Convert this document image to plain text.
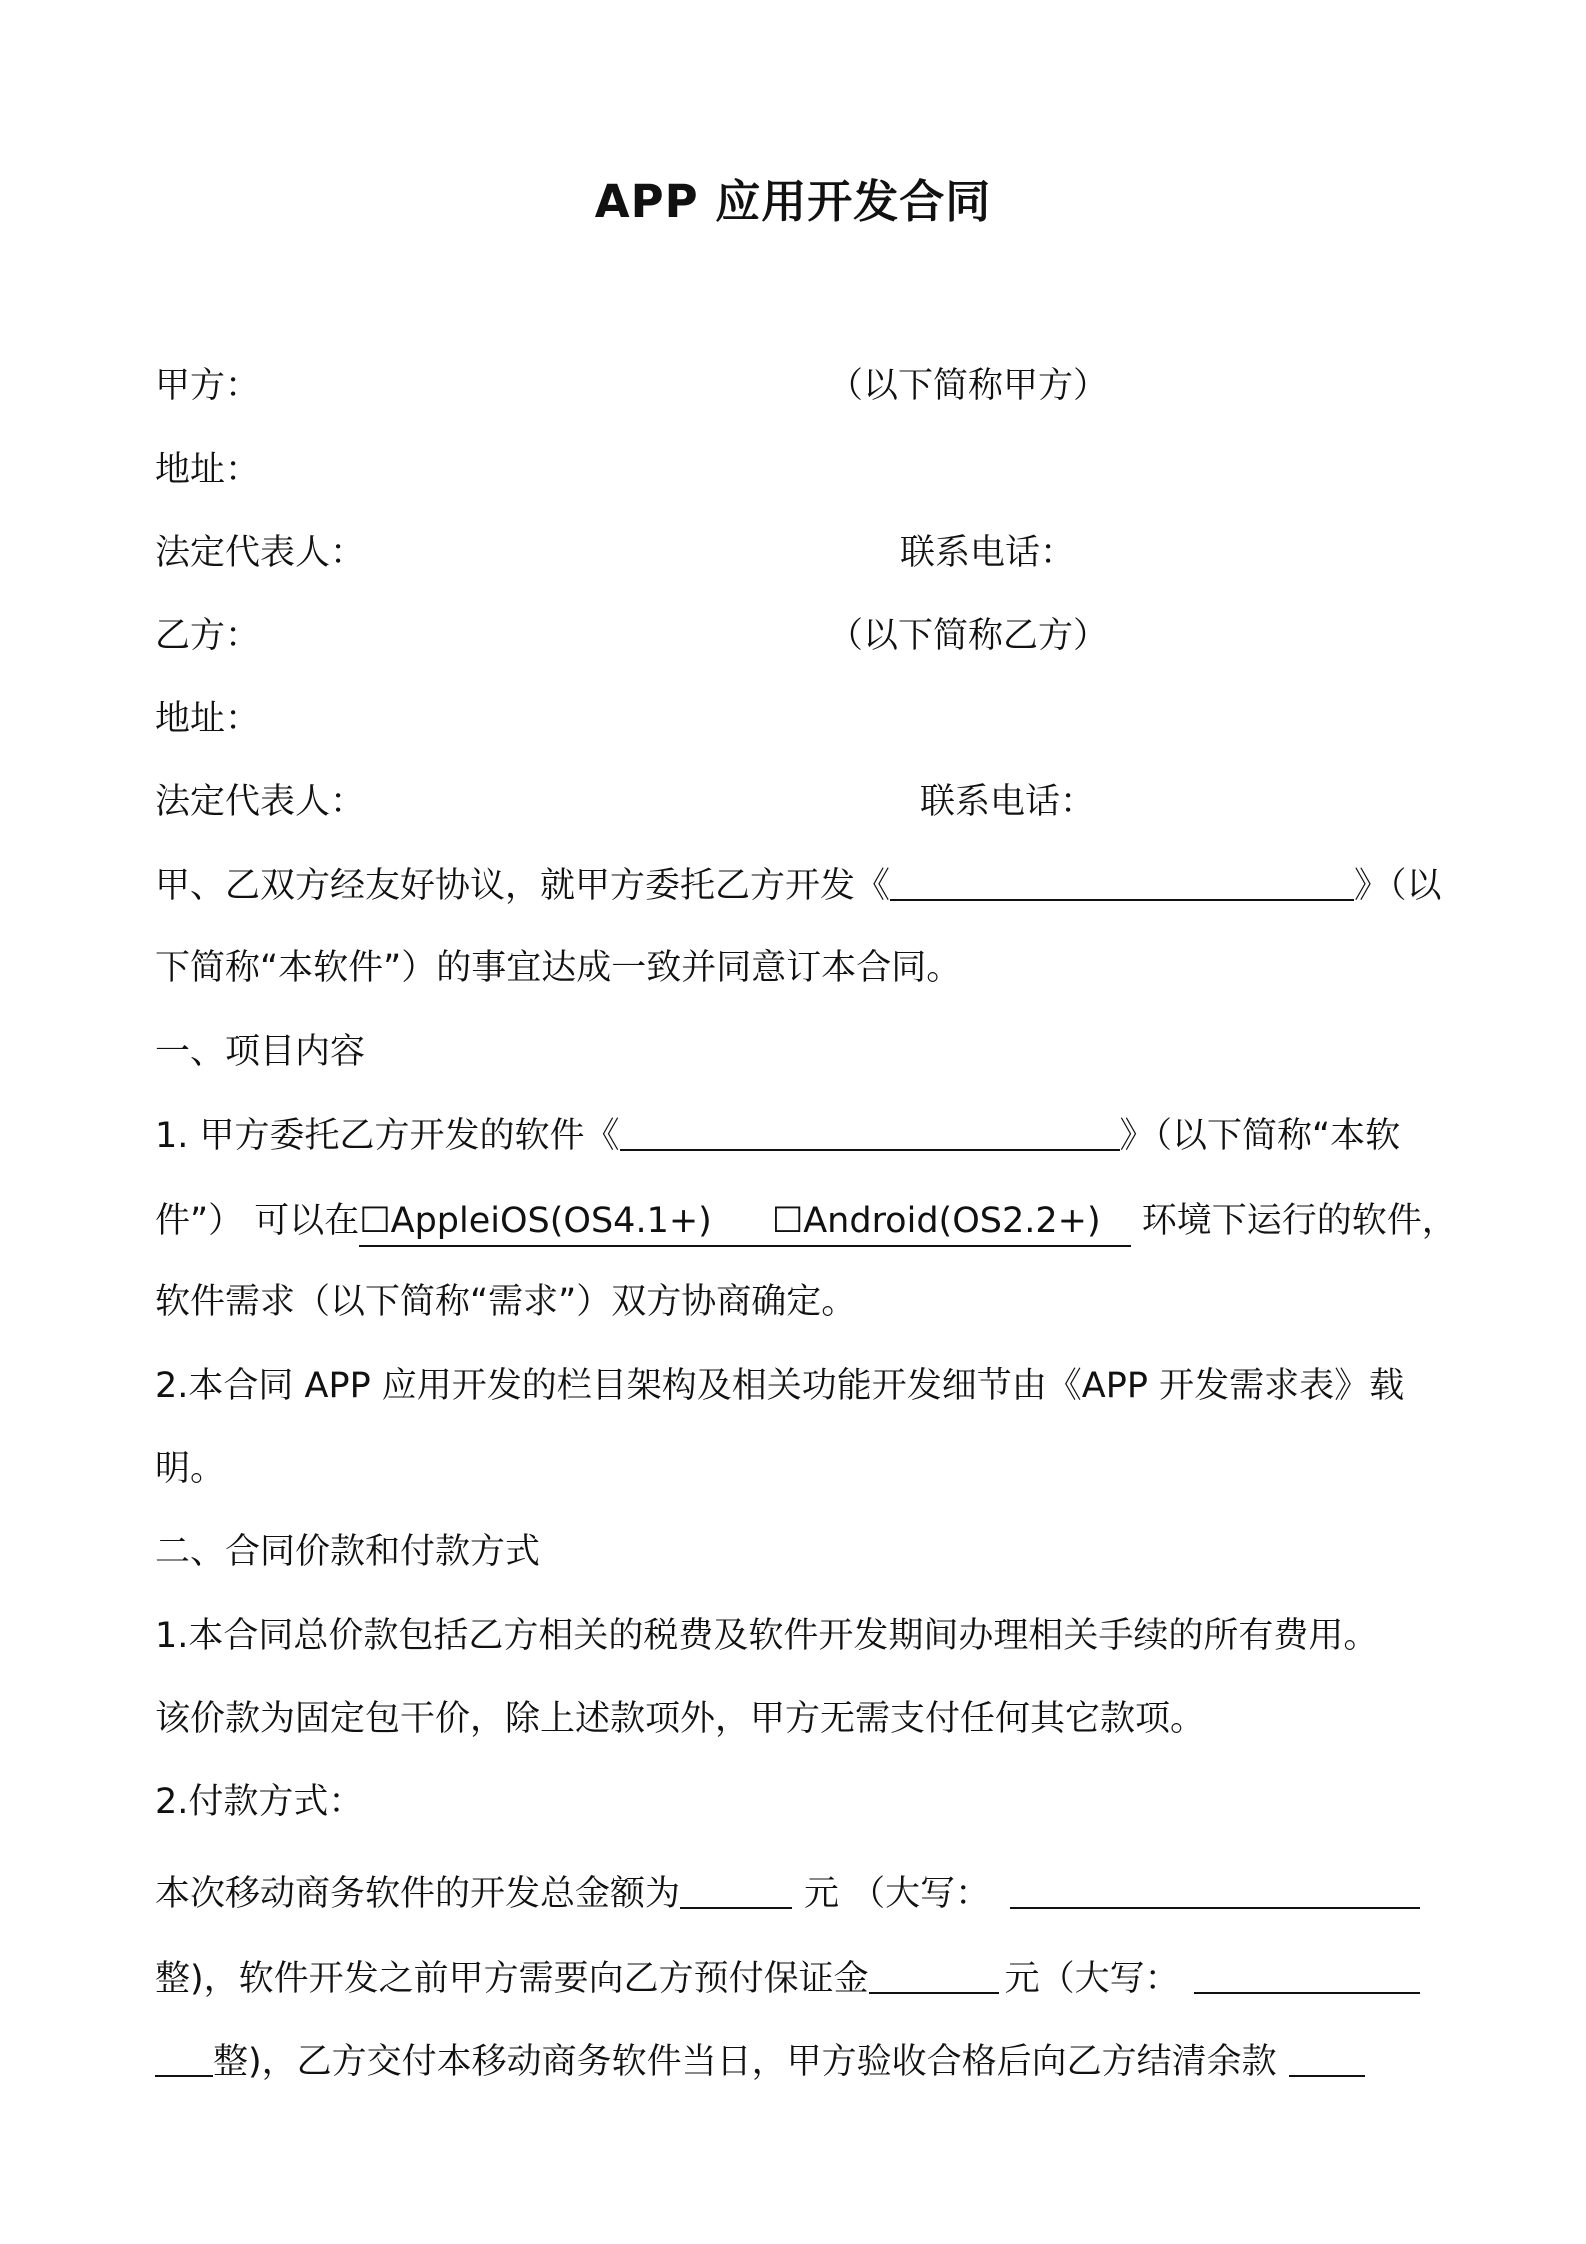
APP 应用开发合同
甲方：	（以下简称甲方）
地址：
法定代表人：	联系电话：
乙方：	（以下简称乙方）
地址：
法定代表人：	联系电话：
甲、乙双方经友好协议，就甲方委托乙方开发《	》（以
下简称“本软件”）的事宜达成一致并同意订本合同。
一、项目内容
1. 甲方委托乙方开发的软件《	》（以下简称“本软
件”） 可以在☐AppleiOS(OS4.1+) ☐Android(OS2.2+) 环境下运行的软件，
软件需求（以下简称“需求”）双方协商确定。
2.本合同 APP 应用开发的栏目架构及相关功能开发细节由《APP 开发需求表》载
明。
二、合同价款和付款方式
1.本合同总价款包括乙方相关的税费及软件开发期间办理相关手续的所有费用。
该价款为固定包干价，除上述款项外，甲方无需支付任何其它款项。
2.付款方式：
本次移动商务软件的开发总金额为	元 （大写：
整)，软件开发之前甲方需要向乙方预付保证金	元（大写：
整)，乙方交付本移动商务软件当日，甲方验收合格后向乙方结清余款
